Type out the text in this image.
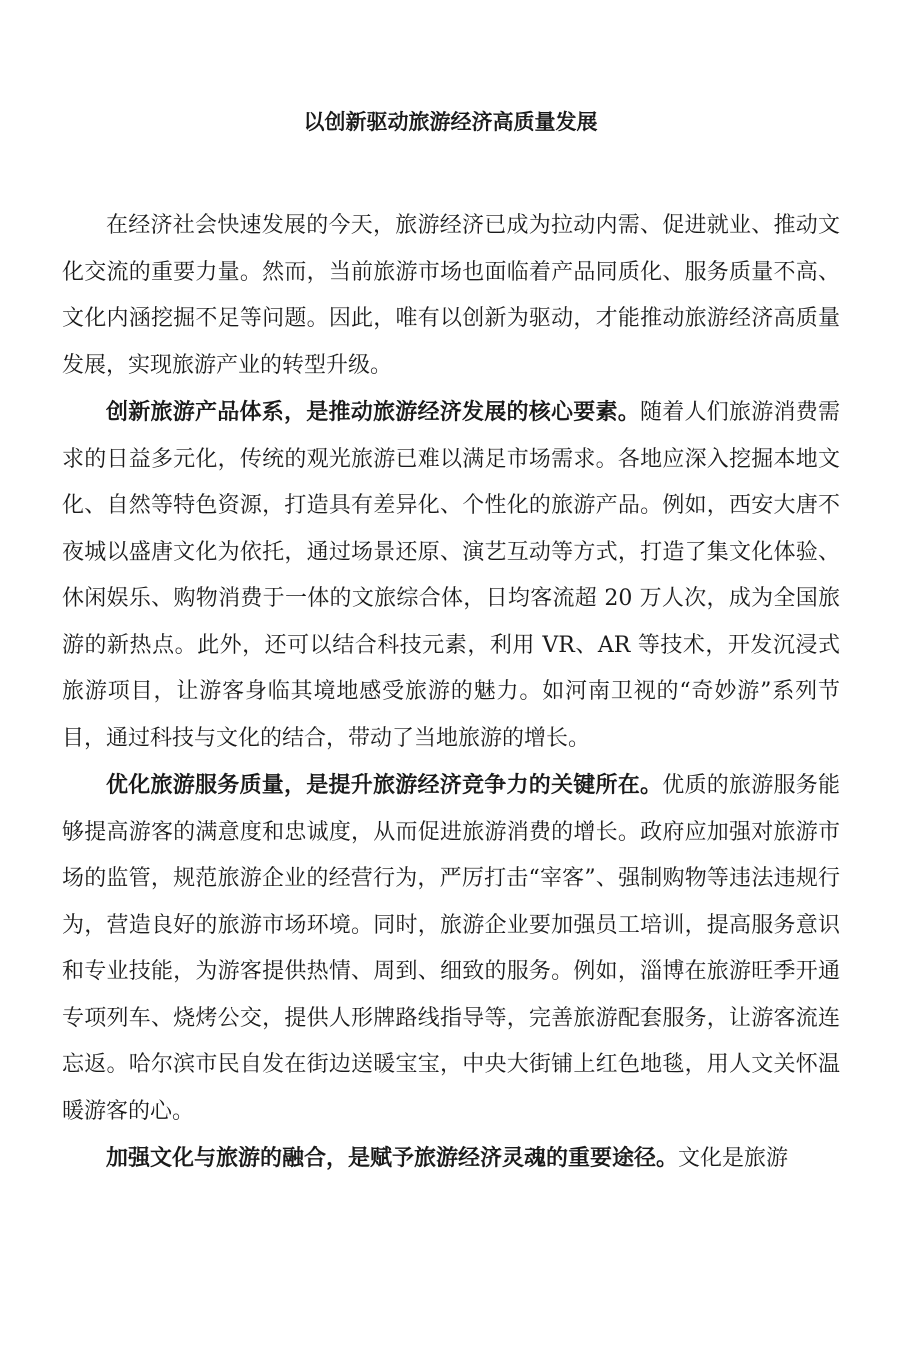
以创新驱动旅游经济高质量发展

在经济社会快速发展的今天，旅游经济已成为拉动内需、促进就业、推动文化交流的重要力量。然而，当前旅游市场也面临着产品同质化、服务质量不高、文化内涵挖掘不足等问题。因此，唯有以创新为驱动，才能推动旅游经济高质量发展，实现旅游产业的转型升级。

创新旅游产品体系，是推动旅游经济发展的核心要素。随着人们旅游消费需求的日益多元化，传统的观光旅游已难以满足市场需求。各地应深入挖掘本地文化、自然等特色资源，打造具有差异化、个性化的旅游产品。例如，西安大唐不夜城以盛唐文化为依托，通过场景还原、演艺互动等方式，打造了集文化体验、休闲娱乐、购物消费于一体的文旅综合体，日均客流超 20 万人次，成为全国旅游的新热点。此外，还可以结合科技元素，利用 VR、AR 等技术，开发沉浸式旅游项目，让游客身临其境地感受旅游的魅力。如河南卫视的“奇妙游”系列节目，通过科技与文化的结合，带动了当地旅游的增长。

优化旅游服务质量，是提升旅游经济竞争力的关键所在。优质的旅游服务能够提高游客的满意度和忠诚度，从而促进旅游消费的增长。政府应加强对旅游市场的监管，规范旅游企业的经营行为，严厉打击“宰客”、强制购物等违法违规行为，营造良好的旅游市场环境。同时，旅游企业要加强员工培训，提高服务意识和专业技能，为游客提供热情、周到、细致的服务。例如，淄博在旅游旺季开通专项列车、烧烤公交，提供人形牌路线指导等，完善旅游配套服务，让游客流连忘返。哈尔滨市民自发在街边送暖宝宝，中央大街铺上红色地毯，用人文关怀温暖游客的心。

加强文化与旅游的融合，是赋予旅游经济灵魂的重要途径。文化是旅游
